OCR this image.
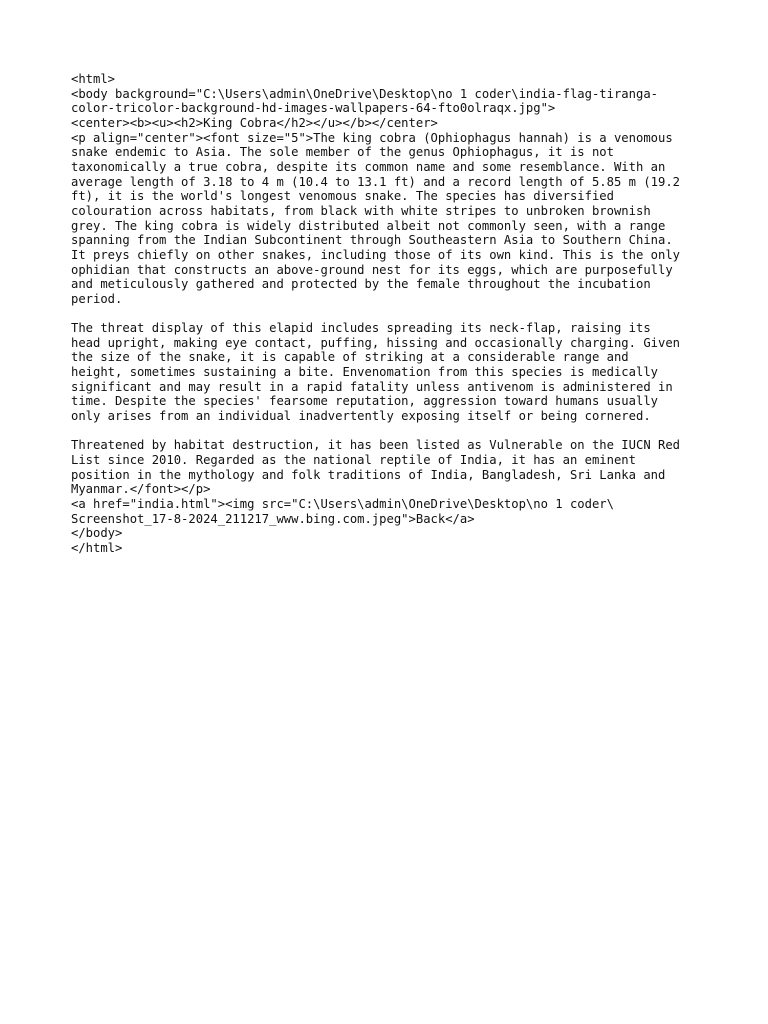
<html>
<body background="C:\Users\admin\OneDrive\Desktop\no 1 coder\india-flag-tiranga-
color-tricolor-background-hd-images-wallpapers-64-fto0olraqx.jpg">
<center><b><u><h2>King Cobra</h2></u></b></center>
<p align="center"><font size="5">The king cobra (Ophiophagus hannah) is a venomous
snake endemic to Asia. The sole member of the genus Ophiophagus, it is not
taxonomically a true cobra, despite its common name and some resemblance. With an
average length of 3.18 to 4 m (10.4 to 13.1 ft) and a record length of 5.85 m (19.2
ft), it is the world's longest venomous snake. The species has diversified
colouration across habitats, from black with white stripes to unbroken brownish
grey. The king cobra is widely distributed albeit not commonly seen, with a range
spanning from the Indian Subcontinent through Southeastern Asia to Southern China.
It preys chiefly on other snakes, including those of its own kind. This is the only
ophidian that constructs an above-ground nest for its eggs, which are purposefully
and meticulously gathered and protected by the female throughout the incubation
period.
The threat display of this elapid includes spreading its neck-flap, raising its
head upright, making eye contact, puffing, hissing and occasionally charging. Given
the size of the snake, it is capable of striking at a considerable range and
height, sometimes sustaining a bite. Envenomation from this species is medically
significant and may result in a rapid fatality unless antivenom is administered in
time. Despite the species' fearsome reputation, aggression toward humans usually
only arises from an individual inadvertently exposing itself or being cornered.
Threatened by habitat destruction, it has been listed as Vulnerable on the IUCN Red
List since 2010. Regarded as the national reptile of India, it has an eminent
position in the mythology and folk traditions of India, Bangladesh, Sri Lanka and
Myanmar.</font></p>
<a href="india.html"><img src="C:\Users\admin\OneDrive\Desktop\no 1 coder\
Screenshot_17-8-2024_211217_www.bing.com.jpeg">Back</a>
</body>
</html>
